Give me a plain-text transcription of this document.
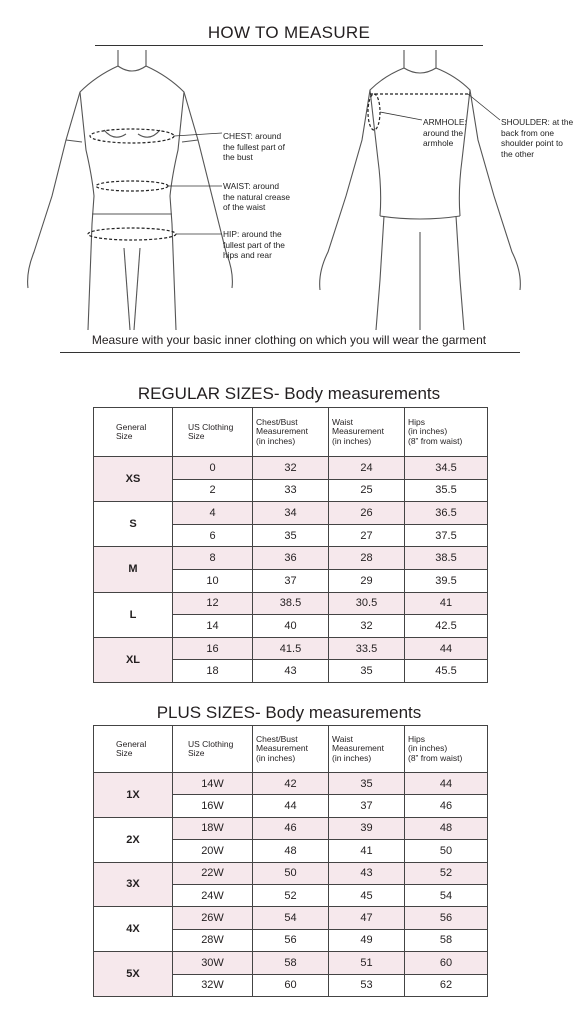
HOW TO MEASURE
CHEST: around
the fullest part of
the bust
WAIST: around
the natural crease
of the waist
HIP: around the
fullest part of the
hips and rear
ARMHOLE:
around the
armhole
SHOULDER: at the
back from one
shoulder point to
the other
Measure with your basic inner clothing on which you will wear the garment
REGULAR SIZES- Body measurements
General
Size	US Clothing
Size	Chest/Bust
Measurement
(in inches)	Waist
Measurement
(in inches)	Hips
(in inches)
(8” from waist)
XS	0	32	24	34.5
	2	33	25	35.5
S	4	34	26	36.5
	6	35	27	37.5
M	8	36	28	38.5
	10	37	29	39.5
L	12	38.5	30.5	41
	14	40	32	42.5
XL	16	41.5	33.5	44
	18	43	35	45.5
PLUS SIZES- Body measurements
General
Size	US Clothing
Size	Chest/Bust
Measurement
(in inches)	Waist
Measurement
(in inches)	Hips
(in inches)
(8” from waist)
1X	14W	42	35	44
	16W	44	37	46
2X	18W	46	39	48
	20W	48	41	50
3X	22W	50	43	52
	24W	52	45	54
4X	26W	54	47	56
	28W	56	49	58
5X	30W	58	51	60
	32W	60	53	62
